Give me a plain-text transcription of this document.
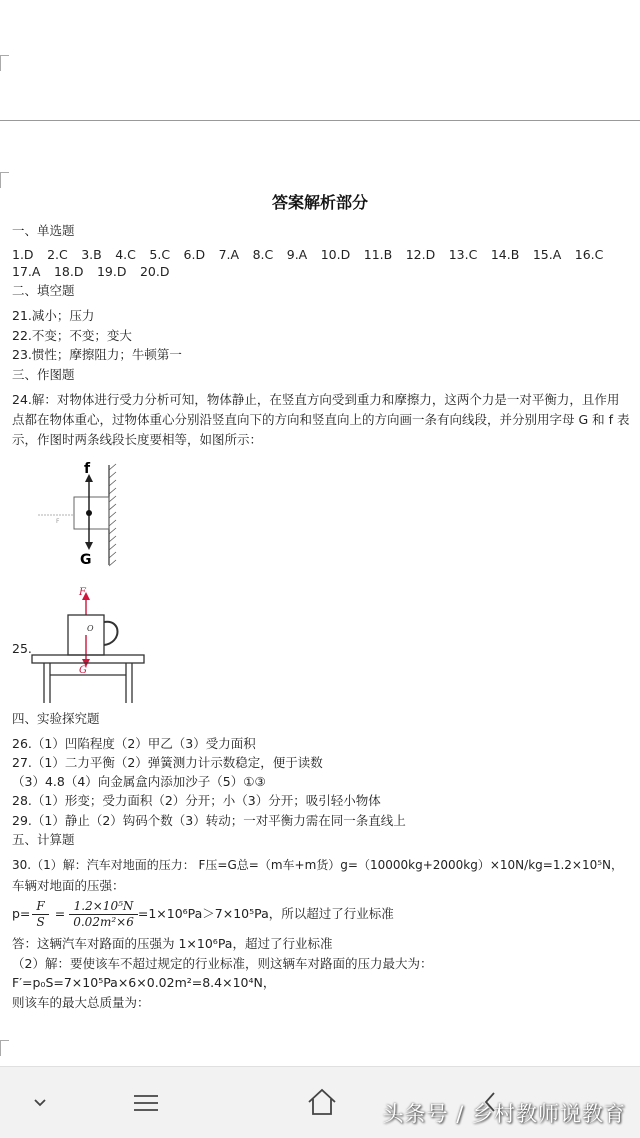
答案解析部分
一、单选题
1.D 2.C 3.B 4.C 5.C 6.D 7.A 8.C 9.A 10.D 11.B 12.D 13.C 14.B 15.A 16.C
17.A 18.D 19.D 20.D
二、填空题
21.减小；压力
22.不变；不变；变大
23.惯性；摩擦阻力；牛顿第一
三、作图题
24.解：对物体进行受力分析可知，物体静止，在竖直方向受到重力和摩擦力，这两个力是一对平衡力，且作用点都在物体重心，过物体重心分别沿竖直向下的方向和竖直向上的方向画一条有向线段，并分别用字母 G 和 f 表示，作图时两条线段长度要相等，如图所示：
f
F
G
25.
F
O
G
四、实验探究题
26.（1）凹陷程度（2）甲乙（3）受力面积
27.（1）二力平衡（2）弹簧测力计示数稳定，便于读数
（3）4.8（4）向金属盒内添加沙子（5）①③
28.（1）形变；受力面积（2）分开；小（3）分开；吸引轻小物体
29.（1）静止（2）钩码个数（3）转动；一对平衡力需在同一条直线上
五、计算题
30.（1）解：汽车对地面的压力： F压=G总=（m车+m货）g=（10000kg+2000kg）×10N/kg=1.2×10⁵N，
车辆对地面的压强：
$p= \frac{F}{S} = \frac{\text{1.2×10⁵N}}{\text{0.02m²×6}} =1\times 10^6Pa>7\times 10^5Pa$，所以超过了行业标准
答：这辆汽车对路面的压强为 1×10⁶Pa，超过了行业标准
（2）解：要使该车不超过规定的行业标准，则这辆车对路面的压力最大为：
F′=p₀S=7×10⁵Pa×6×0.02m²=8.4×10⁴N，
则该车的最大总质量为：
头条号 / 乡村教师说教育
